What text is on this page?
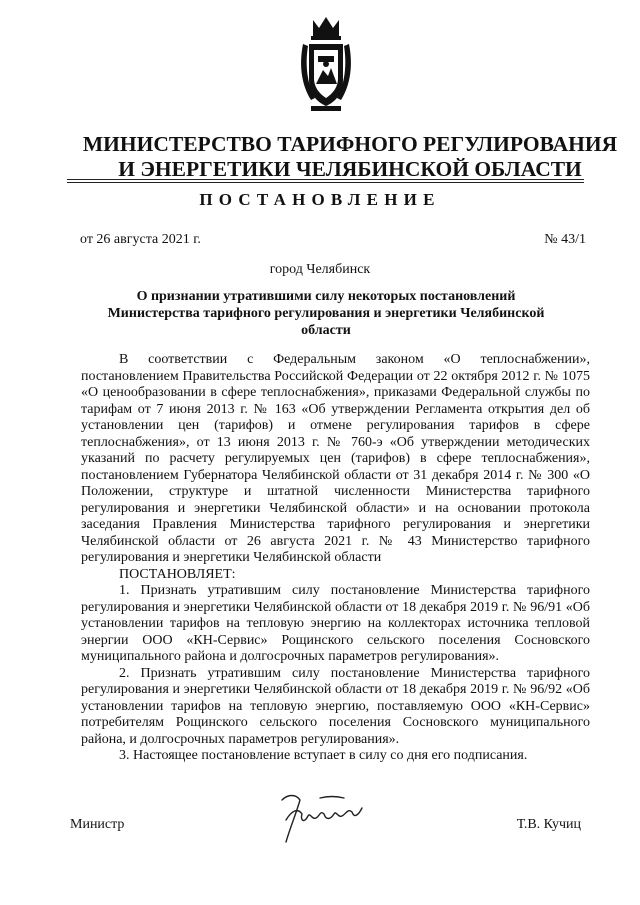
МИНИСТЕРСТВО ТАРИФНОГО РЕГУЛИРОВАНИЯ
И ЭНЕРГЕТИКИ ЧЕЛЯБИНСКОЙ ОБЛАСТИ
ПОСТАНОВЛЕНИЕ
от 26 августа 2021 г.	№ 43/1
город Челябинск
О признании утратившими силу некоторых постановлений Министерства тарифного регулирования и энергетики Челябинской области

В соответствии с Федеральным законом «О теплоснабжении», постановлением Правительства Российской Федерации от 22 октября 2012 г. № 1075 «О ценообразовании в сфере теплоснабжения», приказами Федеральной службы по тарифам от 7 июня 2013 г. № 163 «Об утверждении Регламента открытия дел об установлении цен (тарифов) и отмене регулирования тарифов в сфере теплоснабжения», от 13 июня 2013 г. № 760-э «Об утверждении методических указаний по расчету регулируемых цен (тарифов) в сфере теплоснабжения», постановлением Губернатора Челябинской области от 31 декабря 2014 г. № 300 «О Положении, структуре и штатной численности Министерства тарифного регулирования и энергетики Челябинской области» и на основании протокола заседания Правления Министерства тарифного регулирования и энергетики Челябинской области от 26 августа 2021 г. № 43 Министерство тарифного регулирования и энергетики Челябинской области

ПОСТАНОВЛЯЕТ:

1. Признать утратившим силу постановление Министерства тарифного регулирования и энергетики Челябинской области от 18 декабря 2019 г. № 96/91 «Об установлении тарифов на тепловую энергию на коллекторах источника тепловой энергии ООО «КН-Сервис» Рощинского сельского поселения Сосновского муниципального района и долгосрочных параметров регулирования».

2. Признать утратившим силу постановление Министерства тарифного регулирования и энергетики Челябинской области от 18 декабря 2019 г. № 96/92 «Об установлении тарифов на тепловую энергию, поставляемую ООО «КН-Сервис» потребителям Рощинского сельского поселения Сосновского муниципального района, и долгосрочных параметров регулирования».

3. Настоящее постановление вступает в силу со дня его подписания.

Министр	Т.В. Кучиц
